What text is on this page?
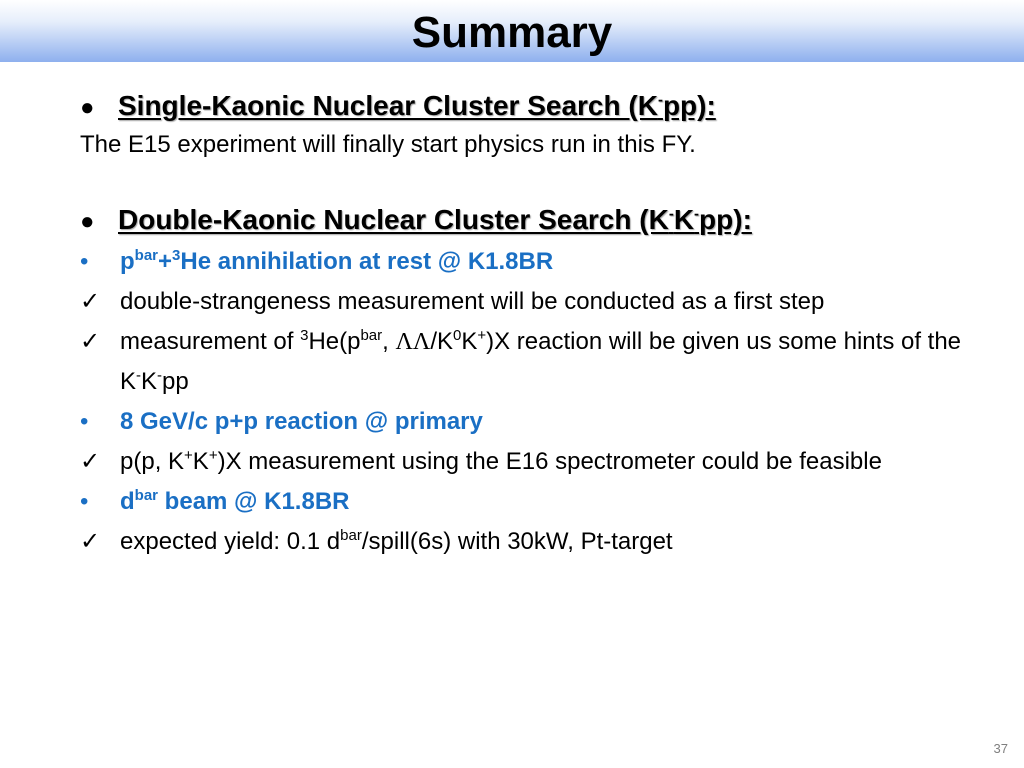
Summary
● Single-Kaonic Nuclear Cluster Search (K-pp):
The E15 experiment will finally start physics run in this FY.
● Double-Kaonic Nuclear Cluster Search (K-K-pp):
•	$p^{bar}+^3He$ annihilation at rest @ K1.8BR
✓ double-strangeness measurement will be conducted as a first step
✓ measurement of $^3He(p^{bar}$, $\Lambda\Lambda/K^0K^+)X$ reaction will be given us some hints of the K-K-pp
•	8 GeV/c p+p reaction @ primary
✓ p(p, K+K+)X measurement using the E16 spectrometer could be feasible
•	$d^{bar}$ beam @ K1.8BR
✓ expected yield: 0.1 $d^{bar}/spill(6s)$ with 30kW, Pt-target
37
